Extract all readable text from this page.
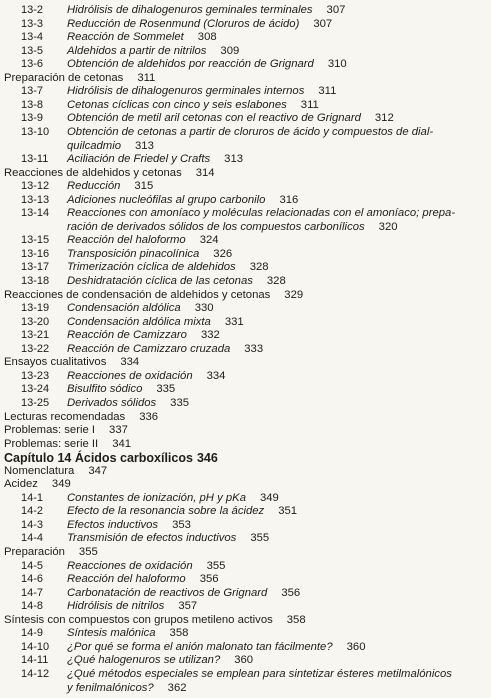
13-2 Hidrólisis de dihalogenuros geminales terminales 307
13-3 Reducción de Rosenmund (Cloruros de ácido) 307
13-4 Reacción de Sommelet 308
13-5 Aldehidos a partir de nitrilos 309
13-6 Obtención de aldehidos por reacción de Grignard 310
Preparación de cetonas 311
13-7 Hidrólisis de dihalogenuros germinales internos 311
13-8 Cetonas cíclicas con cinco y seis eslabones 311
13-9 Obtención de metil aril cetonas con el reactivo de Grignard 312
13-10 Obtención de cetonas a partir de cloruros de ácido y compuestos de dial-
quilcadmio 313
13-11 Aciliación de Friedel y Crafts 313
Reacciones de aldehidos y cetonas 314
13-12 Reducción 315
13-13 Adiciones nucleófilas al grupo carbonilo 316
13-14 Reacciones con amoníaco y moléculas relacionadas con el amoníaco; prepa-
ración de derivados sólidos de los compuestos carbonílicos 320
13-15 Reacción del haloformo 324
13-16 Transposición pinacolínica 326
13-17 Trimerización cíclica de aldehidos 328
13-18 Deshidratación cíclica de las cetonas 328
Reacciones de condensación de aldehidos y cetonas 329
13-19 Condensación aldólica 330
13-20 Condensación aldólica mixta 331
13-21 Reacción de Camizzaro 332
13-22 Reacción de Camizzaro cruzada 333
Ensayos cualitativos 334
13-23 Reacciones de oxidación 334
13-24 Bisulfito sódico 335
13-25 Derivados sólidos 335
Lecturas recomendadas 336
Problemas: serie I 337
Problemas: serie II 341
Capítulo 14 Ácidos carboxílicos 346
Nomenclatura 347
Acidez 349
14-1 Constantes de ionización, pH y pKa 349
14-2 Efecto de la resonancia sobre la ácidez 351
14-3 Efectos inductivos 353
14-4 Transmisión de efectos inductivos 355
Preparación 355
14-5 Reacciones de oxidación 355
14-6 Reacción del haloformo 356
14-7 Carbonatación de reactivos de Grignard 356
14-8 Hidrólisis de nitrilos 357
Síntesis con compuestos con grupos metileno activos 358
14-9 Síntesis malónica 358
14-10 ¿Por qué se forma el anión malonato tan fácilmente? 360
14-11 ¿Qué halogenuros se utilizan? 360
14-12 ¿Qué métodos especiales se emplean para sintetizar ésteres metilmalónicos
y fenilmalónicos? 362
